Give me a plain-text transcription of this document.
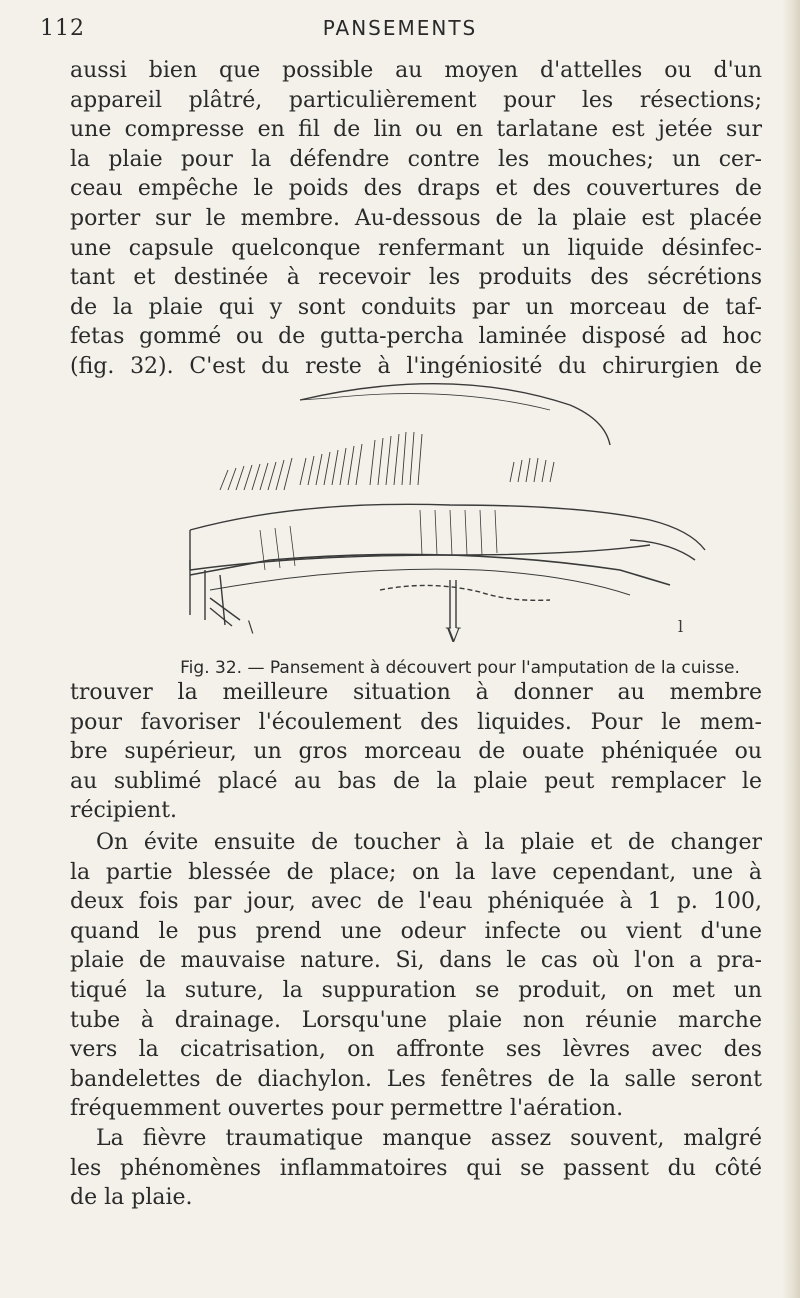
112	PANSEMENTS

aussi bien que possible au moyen d'attelles ou d'un
appareil plâtré, particulièrement pour les résections;
une compresse en fil de lin ou en tarlatane est jetée sur
la plaie pour la défendre contre les mouches; un cer-
ceau empêche le poids des draps et des couvertures de
porter sur le membre. Au-dessous de la plaie est placée
une capsule quelconque renfermant un liquide désinfec-
tant et destinée à recevoir les produits des sécrétions
de la plaie qui y sont conduits par un morceau de taf-
fetas gommé ou de gutta-percha laminée disposé ad hoc
(fig. 32). C'est du reste à l'ingéniosité du chirurgien de

\	V	l
Fig. 32. — Pansement à découvert pour l'amputation de la cuisse.

trouver la meilleure situation à donner au membre
pour favoriser l'écoulement des liquides. Pour le mem-
bre supérieur, un gros morceau de ouate phéniquée ou
au sublimé placé au bas de la plaie peut remplacer le
récipient.

On évite ensuite de toucher à la plaie et de changer
la partie blessée de place; on la lave cependant, une à
deux fois par jour, avec de l'eau phéniquée à 1 p. 100,
quand le pus prend une odeur infecte ou vient d'une
plaie de mauvaise nature. Si, dans le cas où l'on a pra-
tiqué la suture, la suppuration se produit, on met un
tube à drainage. Lorsqu'une plaie non réunie marche
vers la cicatrisation, on affronte ses lèvres avec des
bandelettes de diachylon. Les fenêtres de la salle seront
fréquemment ouvertes pour permettre l'aération.
La fièvre traumatique manque assez souvent, malgré
les phénomènes inflammatoires qui se passent du côté
de la plaie.
